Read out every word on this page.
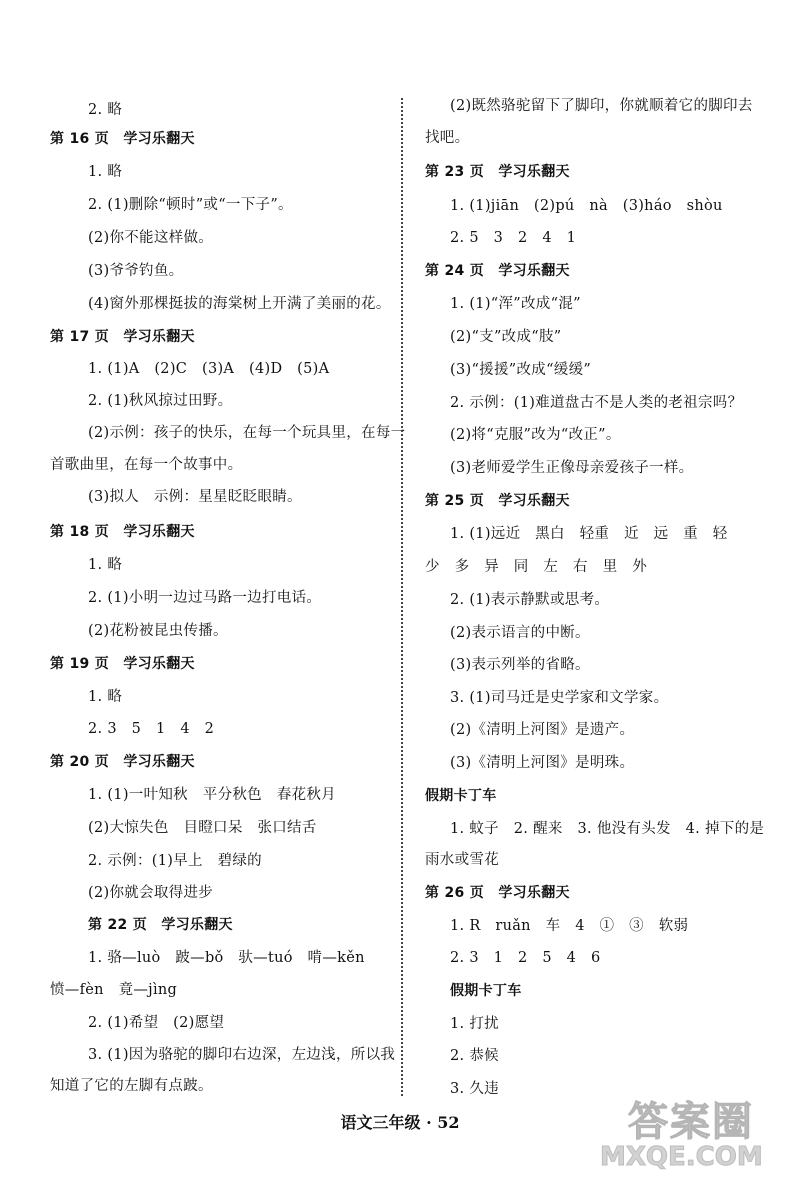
2. 略
第 16 页　学习乐翻天
1. 略
2. (1)删除“顿时”或“一下子”。
(2)你不能这样做。
(3)爷爷钓鱼。
(4)窗外那棵挺拔的海棠树上开满了美丽的花。
第 17 页　学习乐翻天
1. (1)A　(2)C　(3)A　(4)D　(5)A
2. (1)秋风掠过田野。
(2)示例：孩子的快乐，在每一个玩具里，在每一
首歌曲里，在每一个故事中。
(3)拟人　示例：星星眨眨眼睛。
第 18 页　学习乐翻天
1. 略
2. (1)小明一边过马路一边打电话。
(2)花粉被昆虫传播。
第 19 页　学习乐翻天
1. 略
2. 3　5　1　4　2
第 20 页　学习乐翻天
1. (1)一叶知秋　平分秋色　春花秋月
(2)大惊失色　目瞪口呆　张口结舌
2. 示例：(1)早上　碧绿的
(2)你就会取得进步
第 22 页　学习乐翻天
1. 骆—luò　跛—bǒ　驮—tuó　啃—kěn
愤—fèn　竟—jìng
2. (1)希望　(2)愿望
3. (1)因为骆驼的脚印右边深，左边浅，所以我
知道了它的左脚有点跛。
(2)既然骆驼留下了脚印，你就顺着它的脚印去
找吧。
第 23 页　学习乐翻天
1. (1)jiān　(2)pú　nà　(3)háo　shòu
2. 5　3　2　4　1
第 24 页　学习乐翻天
1. (1)“浑”改成“混”
(2)“支”改成“肢”
(3)“援援”改成“缓缓”
2. 示例：(1)难道盘古不是人类的老祖宗吗？
(2)将“克服”改为“改正”。
(3)老师爱学生正像母亲爱孩子一样。
第 25 页　学习乐翻天
1. (1)远近　黑白　轻重　近　远　重　轻
少　多　异　同　左　右　里　外
2. (1)表示静默或思考。
(2)表示语言的中断。
(3)表示列举的省略。
3. (1)司马迁是史学家和文学家。
(2)《清明上河图》是遗产。
(3)《清明上河图》是明珠。
假期卡丁车
1. 蚊子　2. 醒来　3. 他没有头发　4. 掉下的是
雨水或雪花
第 26 页　学习乐翻天
1. R　ruǎn　车　4　①　③　软弱
2. 3　1　2　5　4　6
假期卡丁车
1. 打扰
2. 恭候
3. 久违
语文三年级 · 52	答案圈
MXQE.COM
